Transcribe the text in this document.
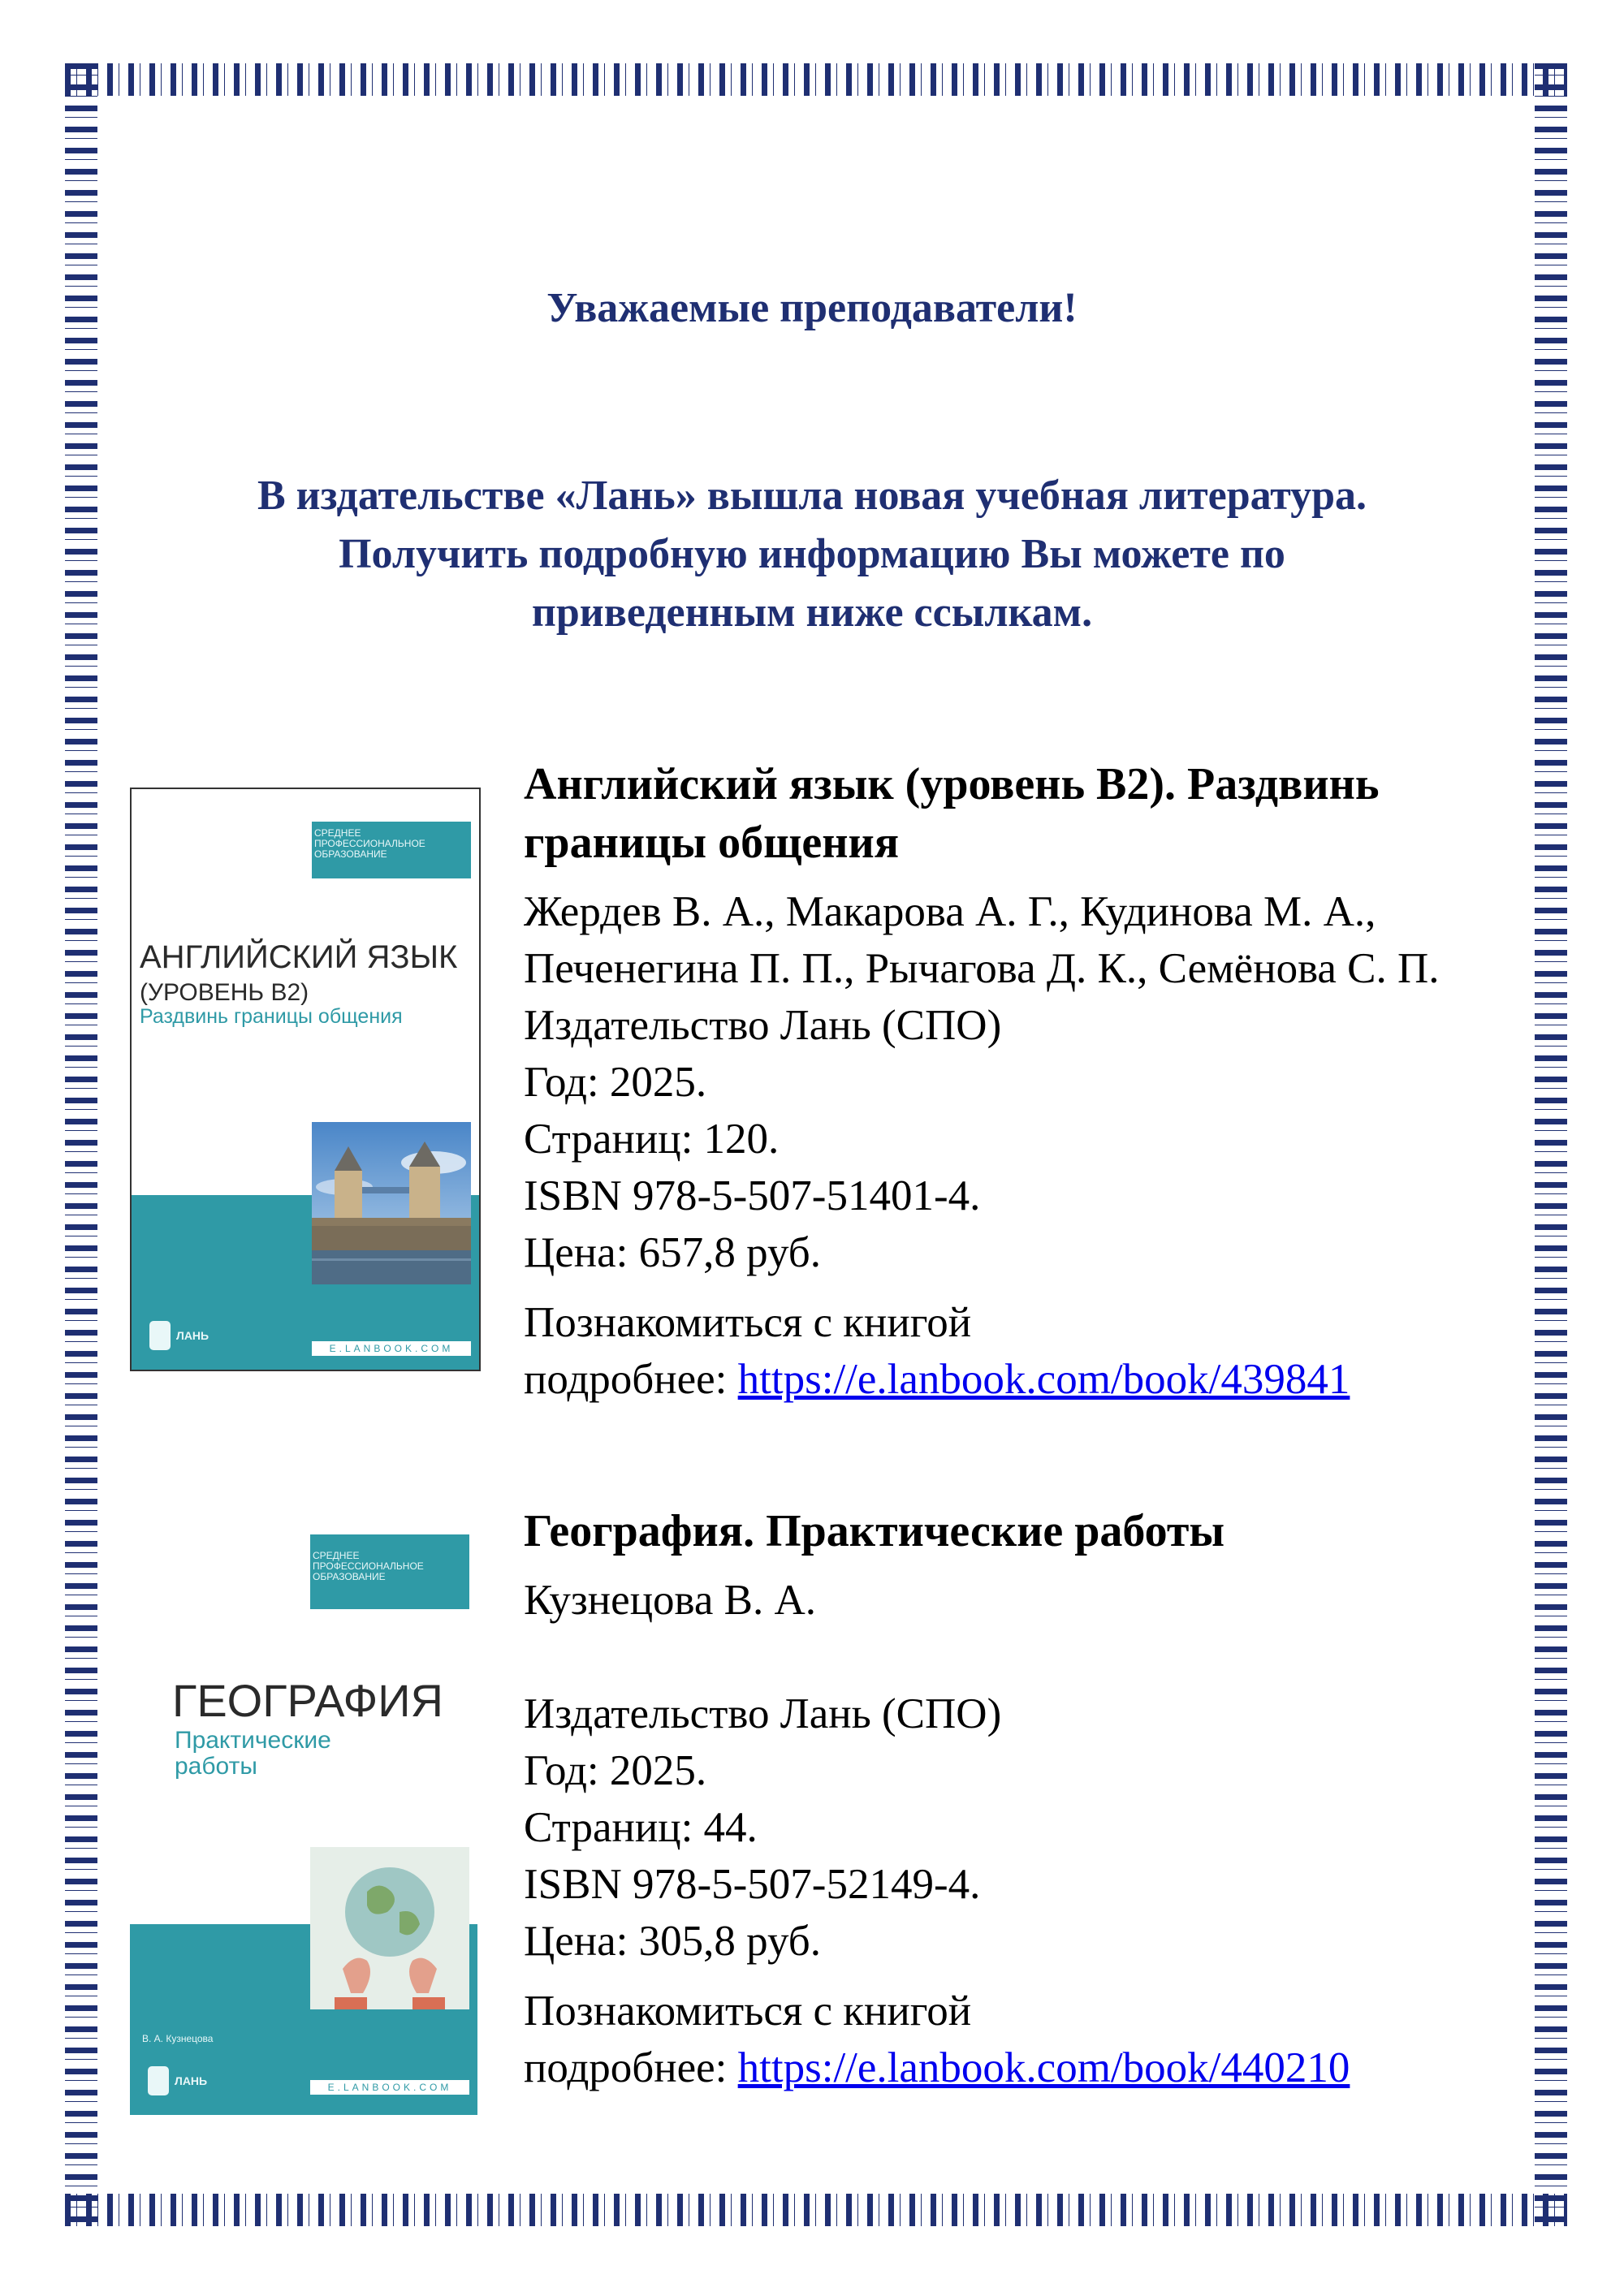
Уважаемые преподаватели!
В издательстве «Лань» вышла новая учебная литература.
Получить подробную информацию Вы можете по
приведенным ниже ссылкам.
СРЕДНЕЕ
ПРОФЕССИОНАЛЬНОЕ
ОБРАЗОВАНИЕ
АНГЛИЙСКИЙ ЯЗЫК
(УРОВЕНЬ B2)
Раздвинь границы общения
ЛАНЬ
E.LANBOOK.COM

Английский язык (уровень B2). Раздвинь
границы общения

Жердев В. А., Макарова А. Г., Кудинова М. А.,

Печенегина П. П., Рычагова Д. К., Семёнова С. П.

Издательство Лань (СПО)

Год: 2025.

Страниц: 120.

ISBN 978-5-507-51401-4.

Цена: 657,8 руб.

Познакомиться с книгой

подробнее: https://e.lanbook.com/book/439841

СРЕДНЕЕ
ПРОФЕССИОНАЛЬНОЕ
ОБРАЗОВАНИЕ
ГЕОГРАФИЯ
Практические
работы
В. А. Кузнецова
ЛАНЬ	E.LANBOOK.COM

География. Практические работы

Кузнецова В. А.

Издательство Лань (СПО)

Год: 2025.

Страниц: 44.

ISBN 978-5-507-52149-4.

Цена: 305,8 руб.

Познакомиться с книгой

подробнее: https://e.lanbook.com/book/440210
